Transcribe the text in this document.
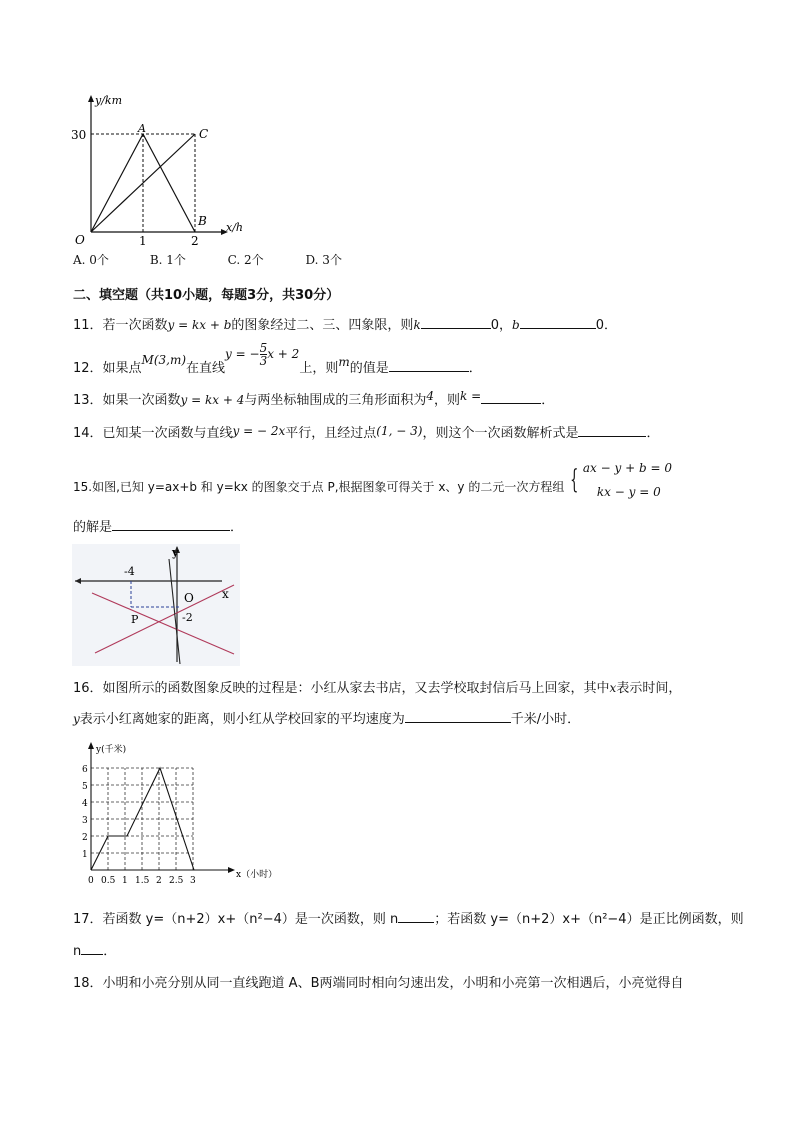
y/km
x/h
O
30
1	2
A	C
B
A. 0个	B. 1个	C. 2个	D. 3个
二、填空题（共10小题，每题3分，共30分）
11．若一次函数y = kx + b的图象经过二、三、四象限，则k	0，b	0．
12．如果点M(3,m)在直线y = − $\frac{5}{3}$ x + 2上，则m的值是	．
13．如果一次函数y = kx + 4与两坐标轴围成的三角形面积为4，则k =	．
14．已知某一次函数与直线y = − 2x平行，且经过点(1, − 3)，则这个一次函数解析式是	．
15.如图,已知 y=ax+b 和 y=kx 的图象交于点 P,根据图象可得关于 x、y 的二元一次方程组 { ax − y + b = 0
kx − y = 0
的解是	．
y
x
O
-4
-2
P
16．如图所示的函数图象反映的过程是：小红从家去书店，又去学校取封信后马上回家，其中x表示时间，
y表示小红离她家的距离，则小红从学校回家的平均速度为	千米/小时．
1
2
3
4
5
6
0 0.5 1 1.5 2 2.5 3
y(千米)
x（小时）
17．若函数 y=（n+2）x+（n²−4）是一次函数，则 n	；若函数 y=（n+2）x+（n²−4）是正比例函数，则
n ．
18．小明和小亮分别从同一直线跑道 A、B两端同时相向匀速出发，小明和小亮第一次相遇后，小亮觉得自
